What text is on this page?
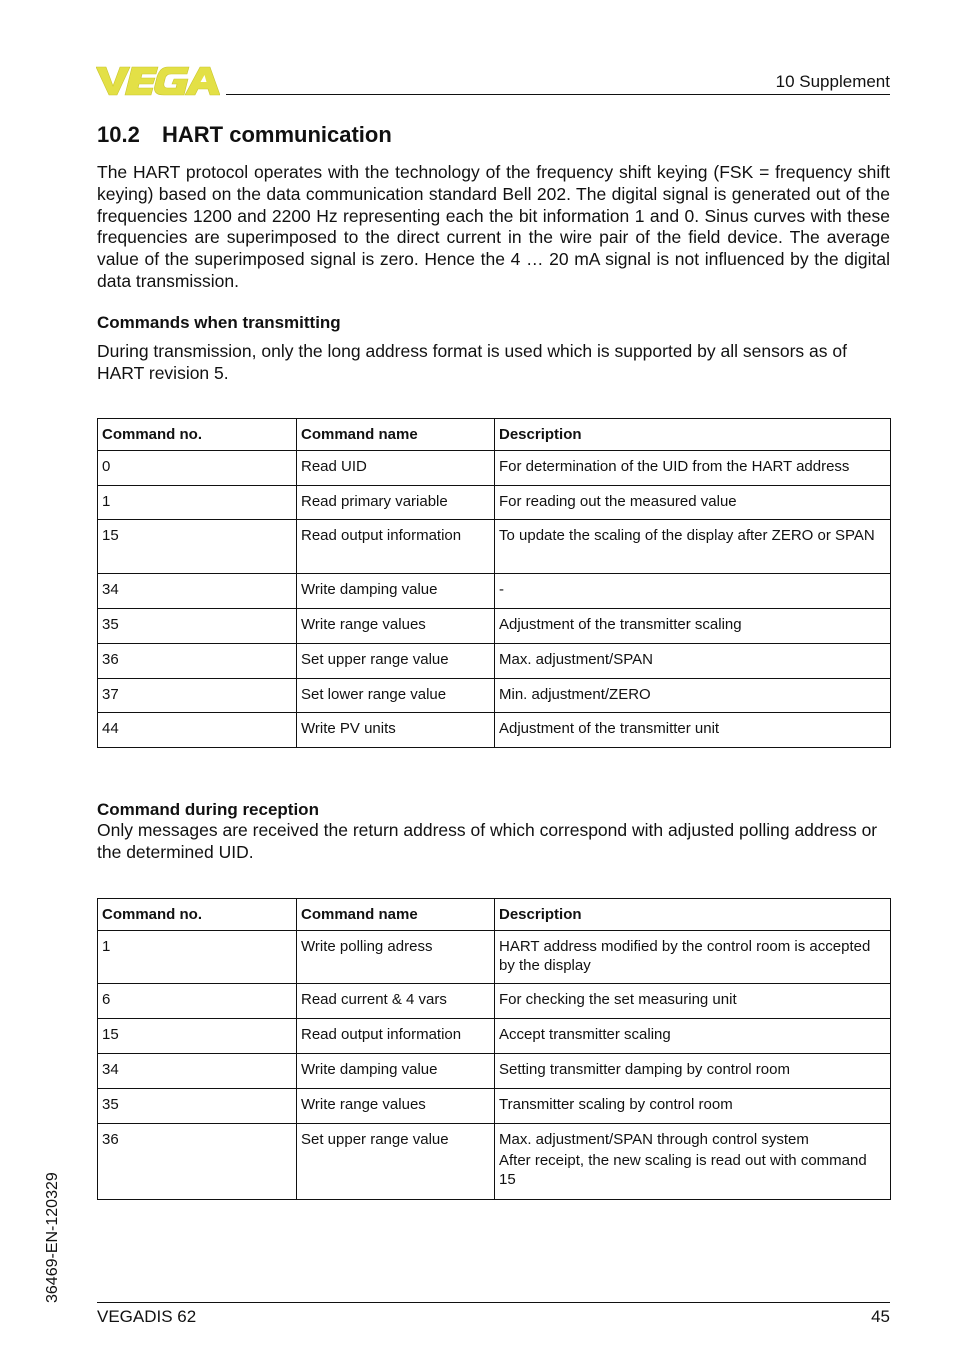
10 Supplement
10.2 HART communication

The HART protocol operates with the technology of the frequency shift keying (FSK = frequency shift keying) based on the data communication standard Bell 202. The digital signal is generated out of the frequencies 1200 and 2200 Hz representing each the bit information 1 and 0. Sinus curves with these frequencies are superimposed to the direct current in the wire pair of the field device. The average value of the superimposed signal is zero. Hence the 4 … 20 mA signal is not influenced by the digital data transmission.

Commands when transmitting

During transmission, only the long address format is used which is supported by all sensors as of HART revision 5.

Command no.	Command name	Description
0	Read UID	For determination of the UID from the HART address
1	Read primary variable	For reading out the measured value
15	Read output information	To update the scaling of the display after ZERO or SPAN
34	Write damping value	-
35	Write range values	Adjustment of the transmitter scaling
36	Set upper range value	Max. adjustment/SPAN
37	Set lower range value	Min. adjustment/ZERO
44	Write PV units	Adjustment of the transmitter unit
Command during reception

Only messages are received the return address of which correspond with adjusted polling address or the determined UID.

Command no.	Command name	Description
1	Write polling adress	HART address modified by the control room is accepted by the display
6	Read current & 4 vars	For checking the set measuring unit
15	Read output information	Accept transmitter scaling
34	Write damping value	Setting transmitter damping by control room
35	Write range values	Transmitter scaling by control room
36	Set upper range value	Max. adjustment/SPAN through control system
After receipt, the new scaling is read out with command 15
36469-EN-120329
VEGADIS 62	45
